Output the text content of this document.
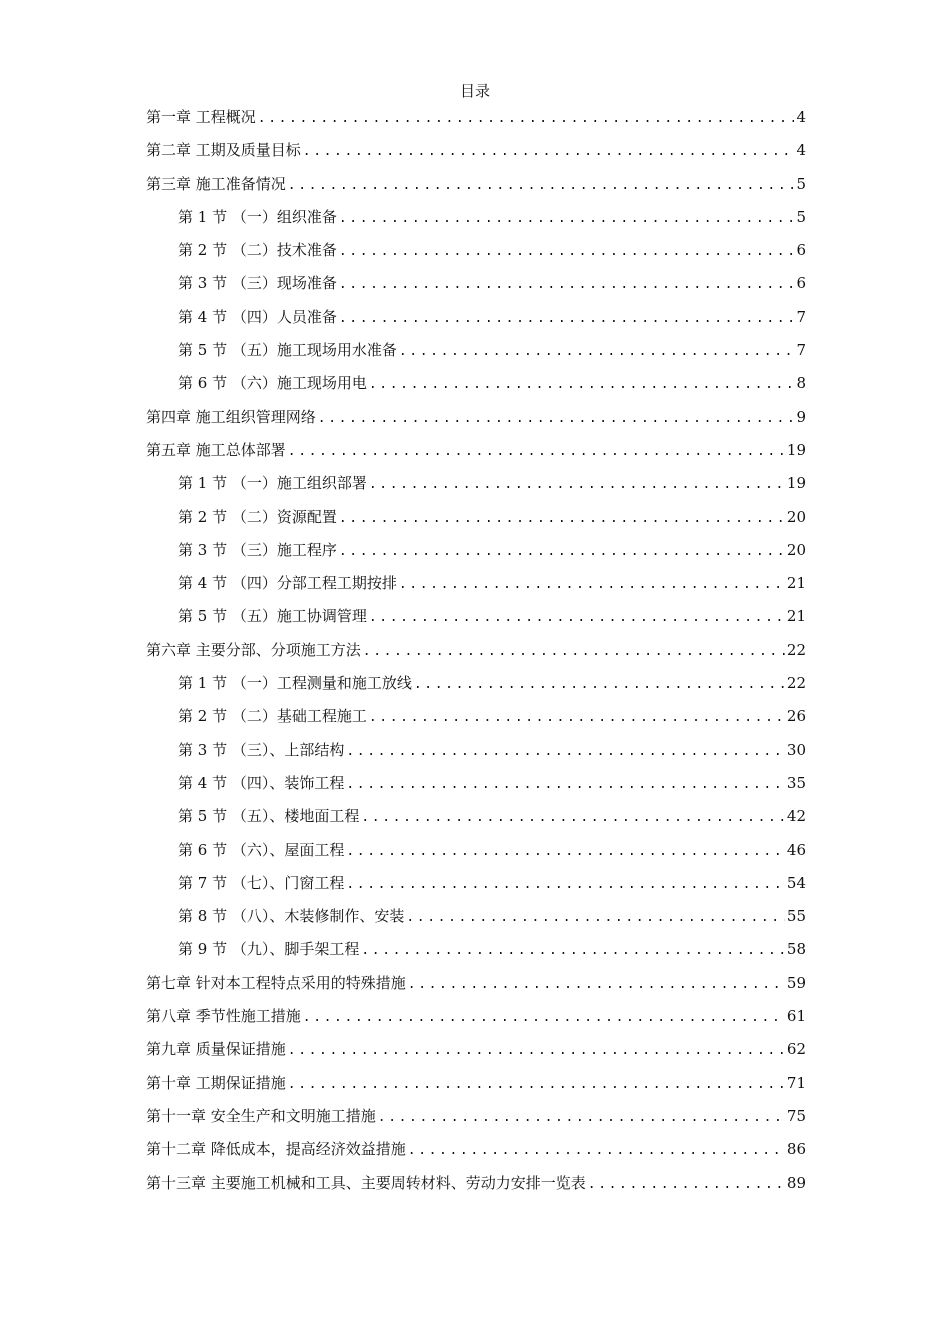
目录
第一章 工程概况 .....	4
第二章 工期及质量目标 .....	4
第三章 施工准备情况 .....	5
第 1 节 （一）组织准备 .....	5
第 2 节 （二）技术准备 .....	6
第 3 节 （三）现场准备 .....	6
第 4 节 （四）人员准备 .....	7
第 5 节 （五）施工现场用水准备 .....	7
第 6 节 （六）施工现场用电 .....	8
第四章 施工组织管理网络 .....	9
第五章 施工总体部署 .....	19
第 1 节 （一）施工组织部署 .....	19
第 2 节 （二）资源配置 .....	20
第 3 节 （三）施工程序 .....	20
第 4 节 （四）分部工程工期按排 .....	21
第 5 节 （五）施工协调管理 .....	21
第六章 主要分部、分项施工方法 .....	22
第 1 节 （一）工程测量和施工放线 .....	22
第 2 节 （二）基础工程施工 .....	26
第 3 节 （三）、上部结构 .....	30
第 4 节 （四）、装饰工程 .....	35
第 5 节 （五）、楼地面工程 .....	42
第 6 节 （六）、屋面工程 .....	46
第 7 节 （七）、门窗工程 .....	54
第 8 节 （八）、木装修制作、安装 .....	55
第 9 节 （九）、脚手架工程 .....	58
第七章 针对本工程特点采用的特殊措施 .....	59
第八章 季节性施工措施 .....	61
第九章 质量保证措施 .....	62
第十章 工期保证措施 .....	71
第十一章 安全生产和文明施工措施 .....	75
第十二章 降低成本，提高经济效益措施 .....	86
第十三章 主要施工机械和工具、主要周转材料、劳动力安排一览表 .....	89
